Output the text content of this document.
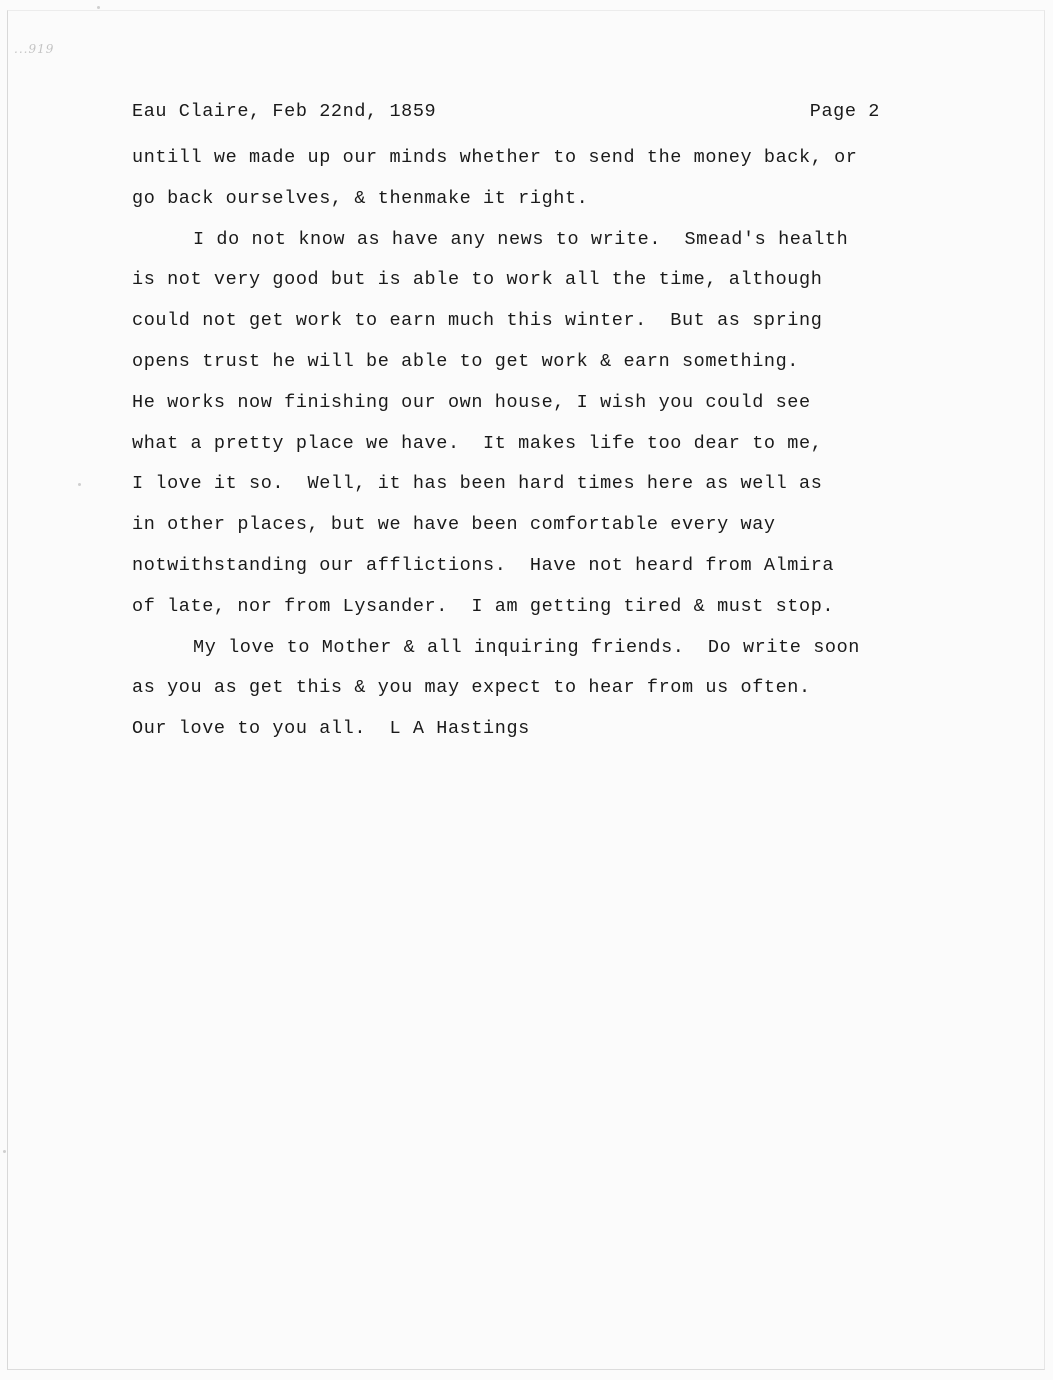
...919
Eau Claire, Feb 22nd, 1859	Page 2

untill we made up our minds whether to send the money back, or
go back ourselves, & thenmake it right.

I do not know as have any news to write.  Smead's health
is not very good but is able to work all the time, although
could not get work to earn much this winter.  But as spring
opens trust he will be able to get work & earn something.
He works now finishing our own house, I wish you could see
what a pretty place we have.  It makes life too dear to me,
I love it so.  Well, it has been hard times here as well as
in other places, but we have been comfortable every way
notwithstanding our afflictions.  Have not heard from Almira
of late, nor from Lysander.  I am getting tired & must stop.

My love to Mother & all inquiring friends.  Do write soon
as you as get this & you may expect to hear from us often.
Our love to you all.  L A Hastings
